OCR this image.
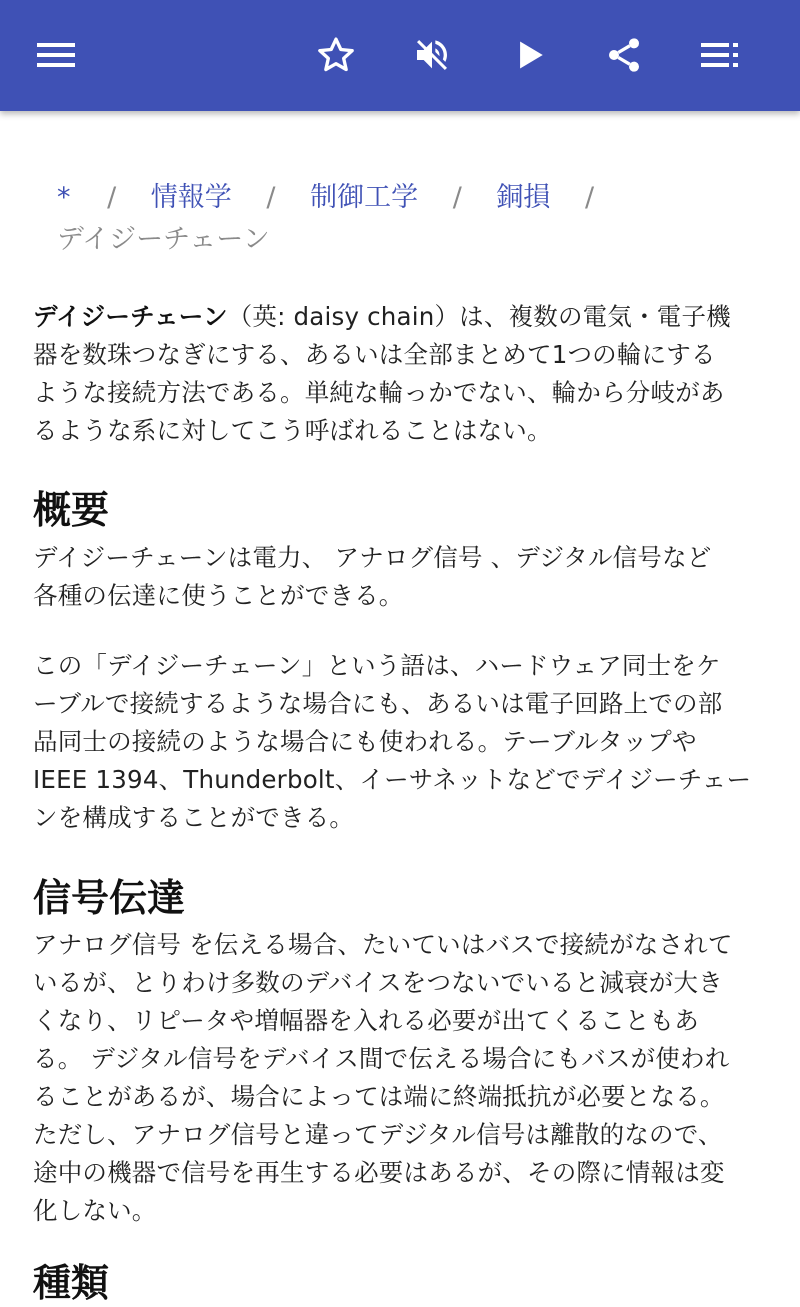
* / 情報学 / 制御工学 / 銅損 /
デイジーチェーン
デイジーチェーン（英: daisy chain）は、複数の電気・電子機
器を数珠つなぎにする、あるいは全部まとめて1つの輪にする
ような接続方法である。単純な輪っかでない、輪から分岐があ
るような系に対してこう呼ばれることはない。
概要
デイジーチェーンは電力、 アナログ信号 、デジタル信号など
各種の伝達に使うことができる。
この「デイジーチェーン」という語は、ハードウェア同士をケ
ーブルで接続するような場合にも、あるいは電子回路上での部
品同士の接続のような場合にも使われる。テーブルタップや
IEEE 1394、Thunderbolt、イーサネットなどでデイジーチェー
ンを構成することができる。
信号伝達
アナログ信号 を伝える場合、たいていはバスで接続がなされて
いるが、とりわけ多数のデバイスをつないでいると減衰が大き
くなり、リピータや増幅器を入れる必要が出てくることもあ
る。 デジタル信号をデバイス間で伝える場合にもバスが使われ
ることがあるが、場合によっては端に終端抵抗が必要となる。
ただし、アナログ信号と違ってデジタル信号は離散的なので、
途中の機器で信号を再生する必要はあるが、その際に情報は変
化しない。
種類
